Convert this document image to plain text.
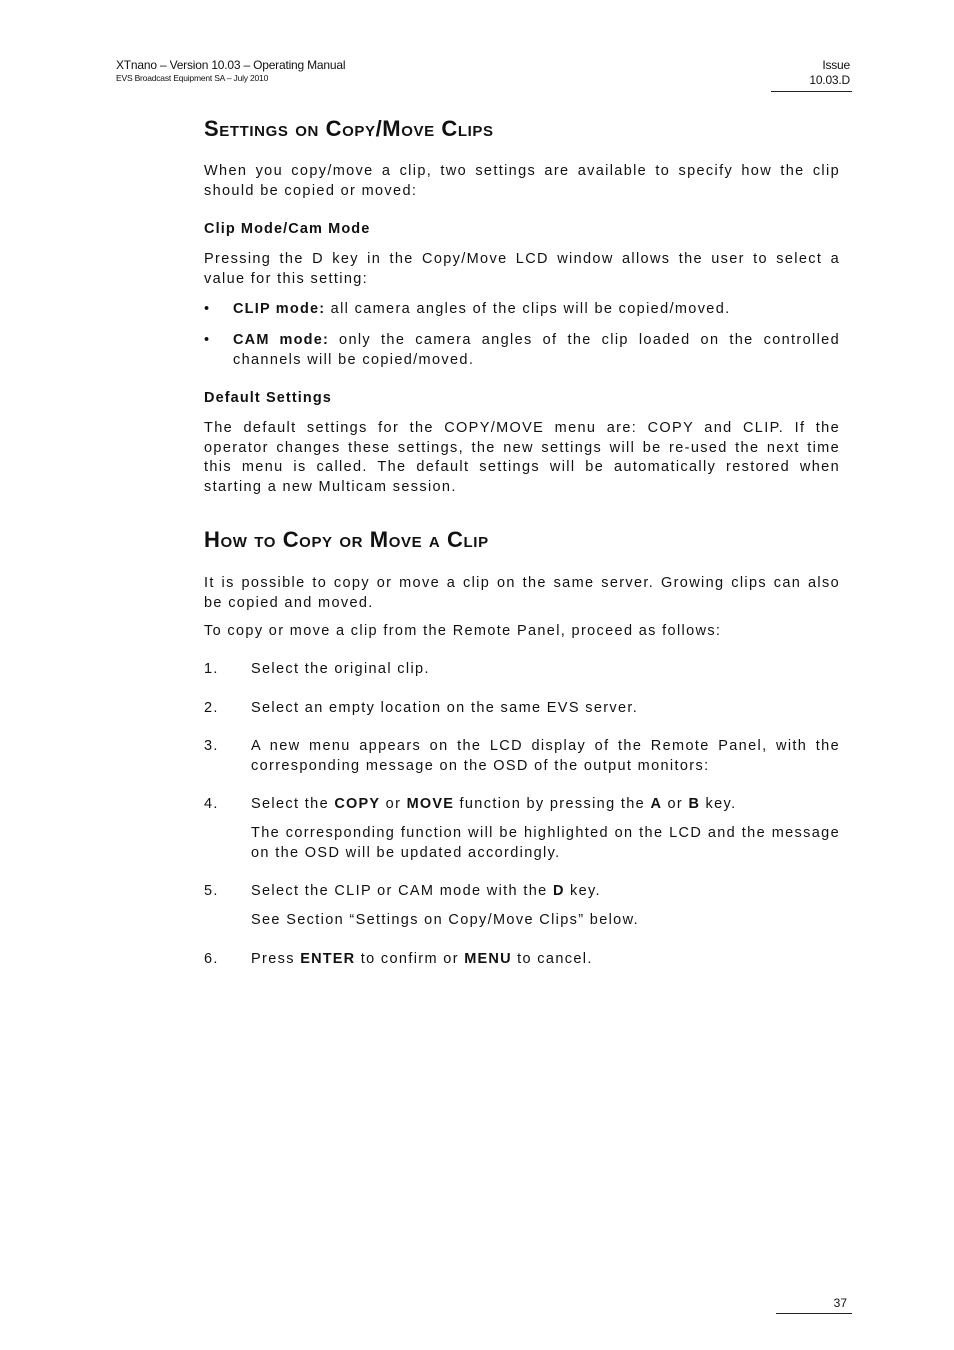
XTnano – Version 10.03 – Operating Manual
EVS Broadcast Equipment SA – July 2010
Issue
10.03.D
Settings on Copy/Move Clips

When you copy/move a clip, two settings are available to specify how the clip should be copied or moved:

Clip Mode/Cam Mode

Pressing the D key in the Copy/Move LCD window allows the user to select a value for this setting:

• CLIP mode: all camera angles of the clips will be copied/moved.
• CAM mode: only the camera angles of the clip loaded on the controlled channels will be copied/moved.
Default Settings

The default settings for the COPY/MOVE menu are: COPY and CLIP. If the operator changes these settings, the new settings will be re-used the next time this menu is called. The default settings will be automatically restored when starting a new Multicam session.

How to Copy or Move a Clip

It is possible to copy or move a clip on the same server. Growing clips can also be copied and moved.

To copy or move a clip from the Remote Panel, proceed as follows:

1. Select the original clip.
2. Select an empty location on the same EVS server.
3. A new menu appears on the LCD display of the Remote Panel, with the corresponding message on the OSD of the output monitors:
4. Select the COPY or MOVE function by pressing the A or B key.
The corresponding function will be highlighted on the LCD and the message on the OSD will be updated accordingly.
5. Select the CLIP or CAM mode with the D key.
See Section “Settings on Copy/Move Clips” below.
6. Press ENTER to confirm or MENU to cancel.
37
